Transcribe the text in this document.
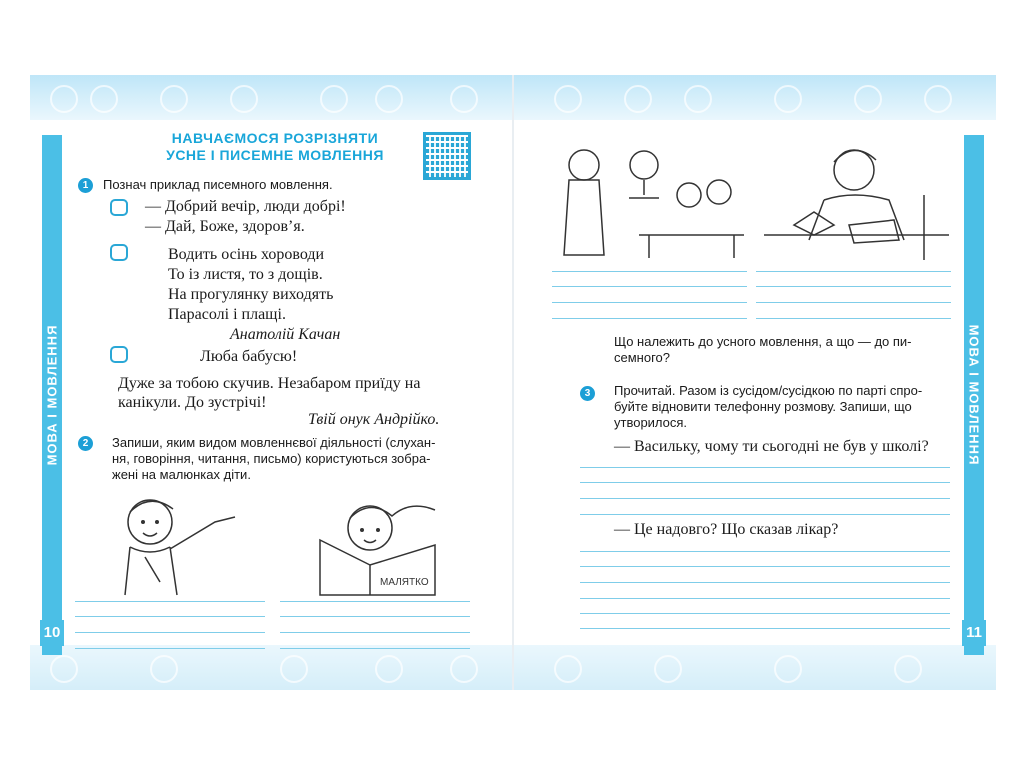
МОВА І МОВЛЕННЯ
10
НАВЧАЄМОСЯ РОЗРІЗНЯТИ УСНЕ І ПИСЕМНЕ МОВЛЕННЯ
1	Познач приклад писемного мовлення.
— Добрий вечір, люди добрі!
— Дай, Боже, здоров’я.
Водить осінь хороводи
То із листя, то з дощів.
На прогулянку виходять
Парасолі і плащі.
Анатолій Качан
Люба бабусю!
Дуже за тобою скучив. Незабаром приїду на
канікули. До зустрічі!
Твій онук Андрійко.
2	Запиши, яким видом мовленнєвої діяльності (слухан-
ня, говоріння, читання, письмо) користуються зобра-
жені на малюнках діти.
МАЛЯТКО
МОВА І МОВЛЕННЯ
11
Що належить до усного мовлення, а що — до пи-
семного?
3	Прочитай. Разом із сусідом/сусідкою по парті спро-
буйте відновити телефонну розмову. Запиши, що
утворилося.
— Васильку, чому ти сьогодні не був у школі?
— Це надовго? Що сказав лікар?
